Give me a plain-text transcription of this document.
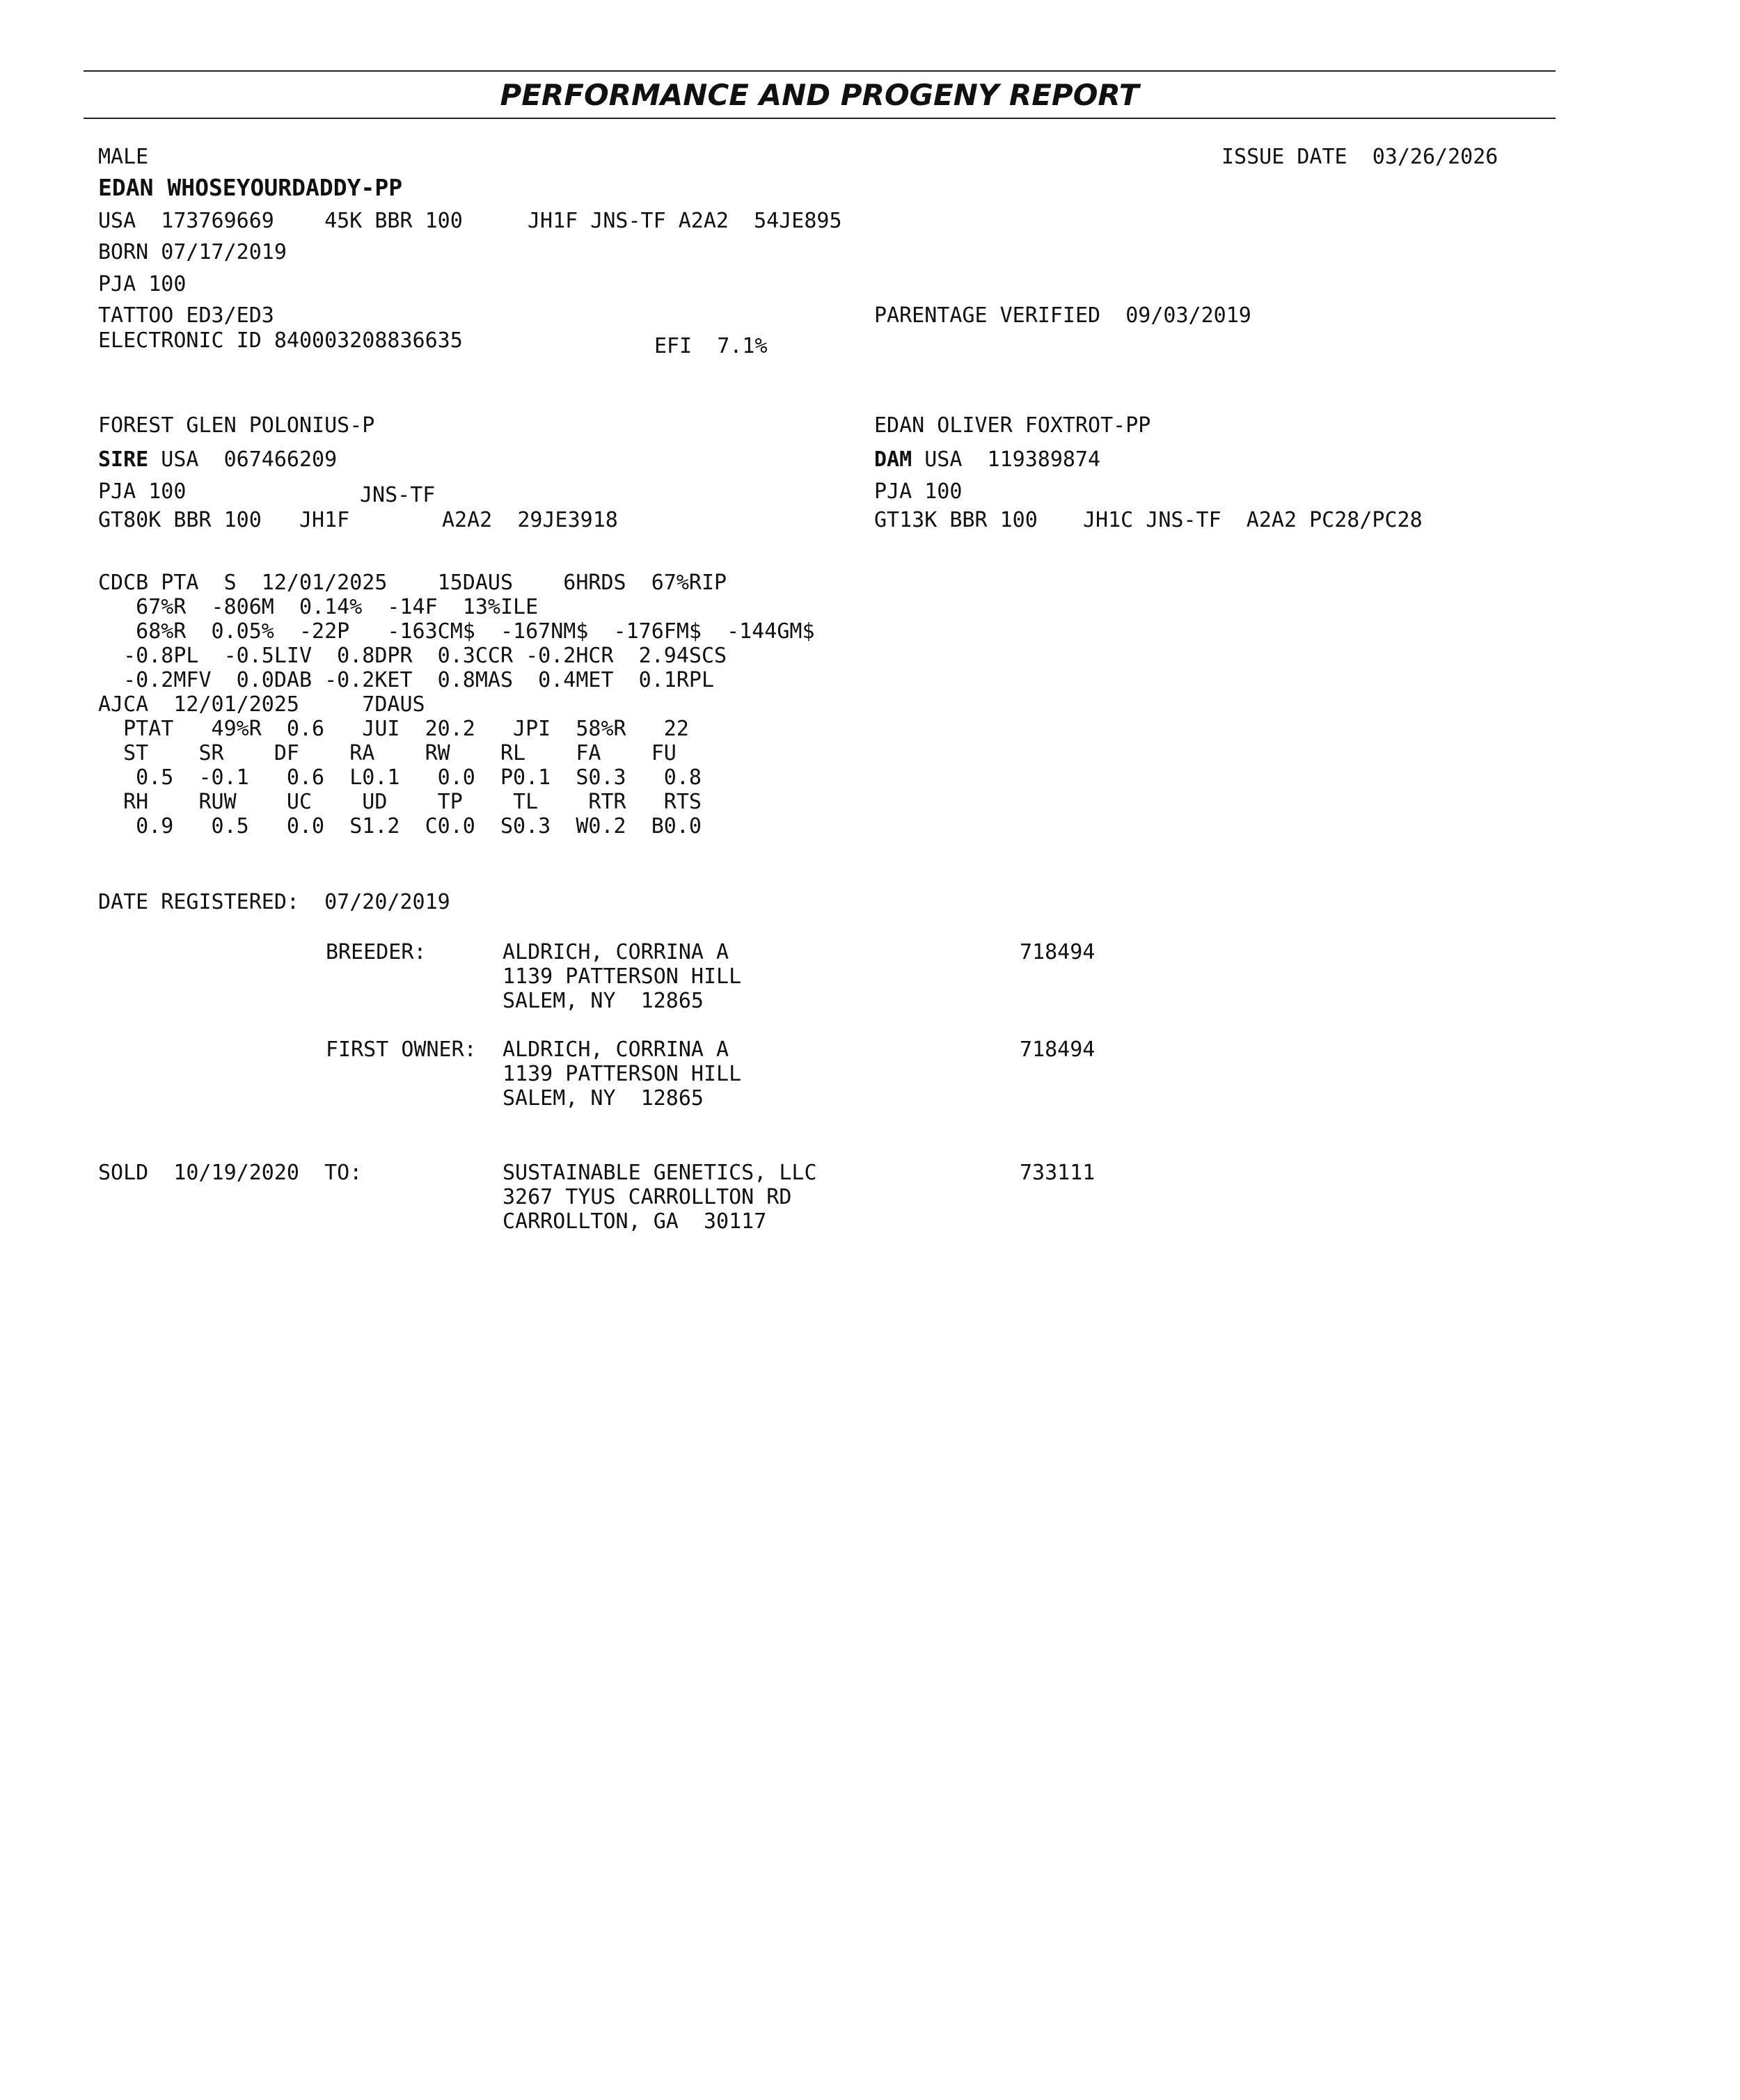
PERFORMANCE AND PROGENY REPORT
MALE	ISSUE DATE  03/26/2026
EDAN WHOSEYOURDADDY-PP
USA  173769669    45K BBR 100	JH1F JNS-TF A2A2  54JE895
BORN 07/17/2019
PJA 100
TATTOO ED3/ED3
ELECTRONIC ID 840003208836635	EFI  7.1%
PARENTAGE VERIFIED  09/03/2019
FOREST GLEN POLONIUS-P
SIRE USA  067466209
PJA 100	JNS-TF
GT80K BBR 100   JH1F	A2A2  29JE3918
EDAN OLIVER FOXTROT-PP
DAM USA  119389874
PJA 100
GT13K BBR 100 JH1C JNS-TF  A2A2 PC28/PC28
CDCB PTA  S  12/01/2025    15DAUS    6HRDS  67%RIP
67%R  -806M  0.14%  -14F  13%ILE
68%R  0.05%  -22P   -163CM$  -167NM$  -176FM$  -144GM$
-0.8PL  -0.5LIV  0.8DPR  0.3CCR -0.2HCR  2.94SCS
-0.2MFV  0.0DAB -0.2KET  0.8MAS  0.4MET  0.1RPL
AJCA  12/01/2025     7DAUS
PTAT   49%R  0.6   JUI  20.2   JPI  58%R   22
ST    SR    DF    RA    RW    RL    FA    FU
0.5  -0.1   0.6  L0.1   0.0  P0.1  S0.3   0.8
RH    RUW    UC    UD    TP    TL    RTR   RTS
0.9   0.5   0.0  S1.2  C0.0  S0.3  W0.2  B0.0
DATE REGISTERED:  07/20/2019
BREEDER:	ALDRICH, CORRINA A
1139 PATTERSON HILL
SALEM, NY  12865
718494
FIRST OWNER: ALDRICH, CORRINA A
1139 PATTERSON HILL
SALEM, NY  12865
718494
SOLD  10/19/2020  TO:	SUSTAINABLE GENETICS, LLC
3267 TYUS CARROLLTON RD
CARROLLTON, GA  30117
733111
